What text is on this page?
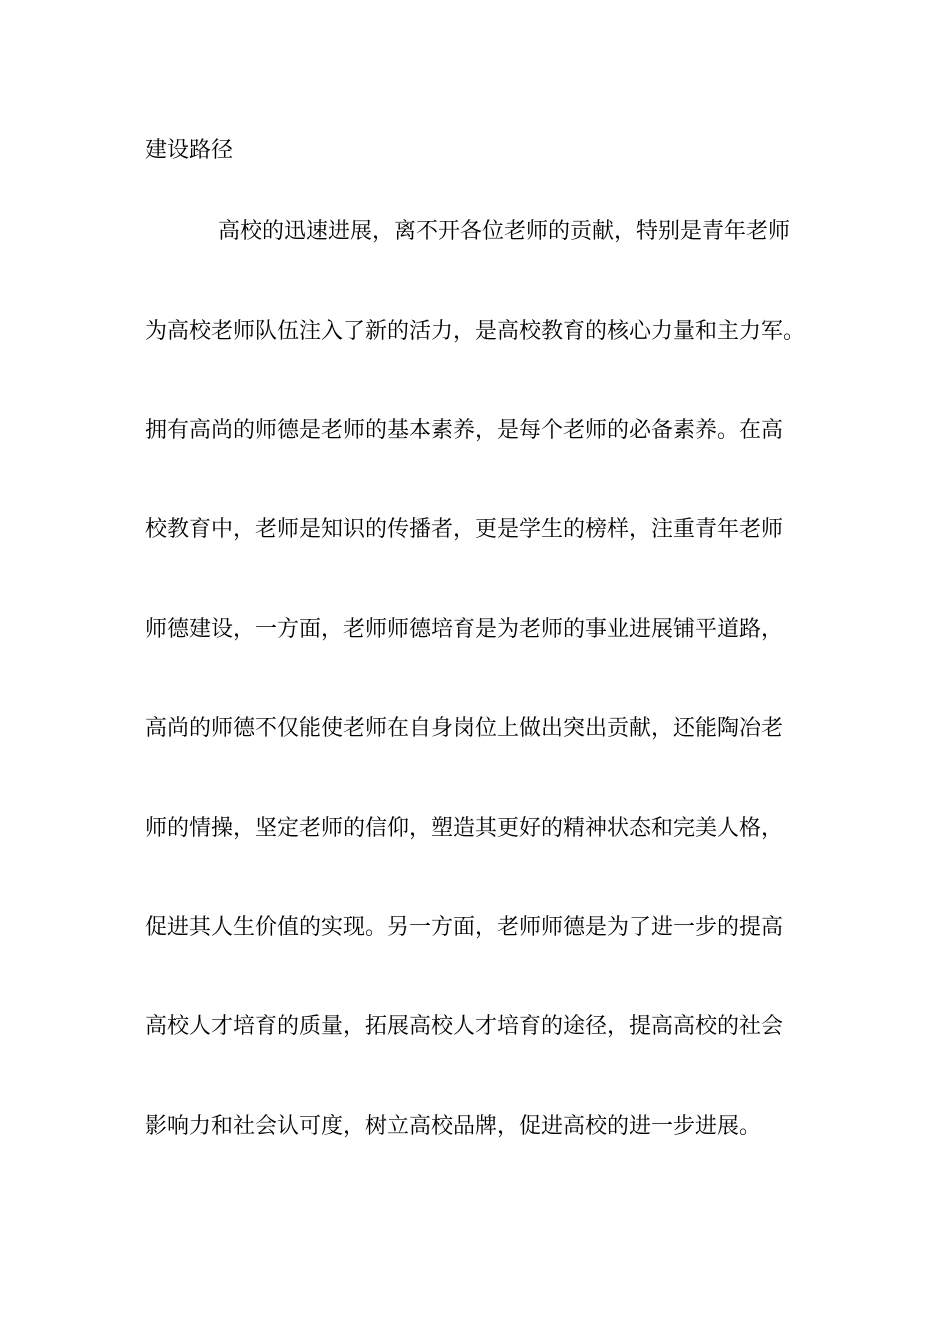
建设路径
高校的迅速进展，离不开各位老师的贡献，特别是青年老师
为高校老师队伍注入了新的活力，是高校教育的核心力量和主力军。
拥有高尚的师德是老师的基本素养，是每个老师的必备素养。在高
校教育中，老师是知识的传播者，更是学生的榜样，注重青年老师
师德建设，一方面，老师师德培育是为老师的事业进展铺平道路，
高尚的师德不仅能使老师在自身岗位上做出突出贡献，还能陶冶老
师的情操，坚定老师的信仰，塑造其更好的精神状态和完美人格，
促进其人生价值的实现。另一方面，老师师德是为了进一步的提高
高校人才培育的质量，拓展高校人才培育的途径，提高高校的社会
影响力和社会认可度，树立高校品牌，促进高校的进一步进展。
